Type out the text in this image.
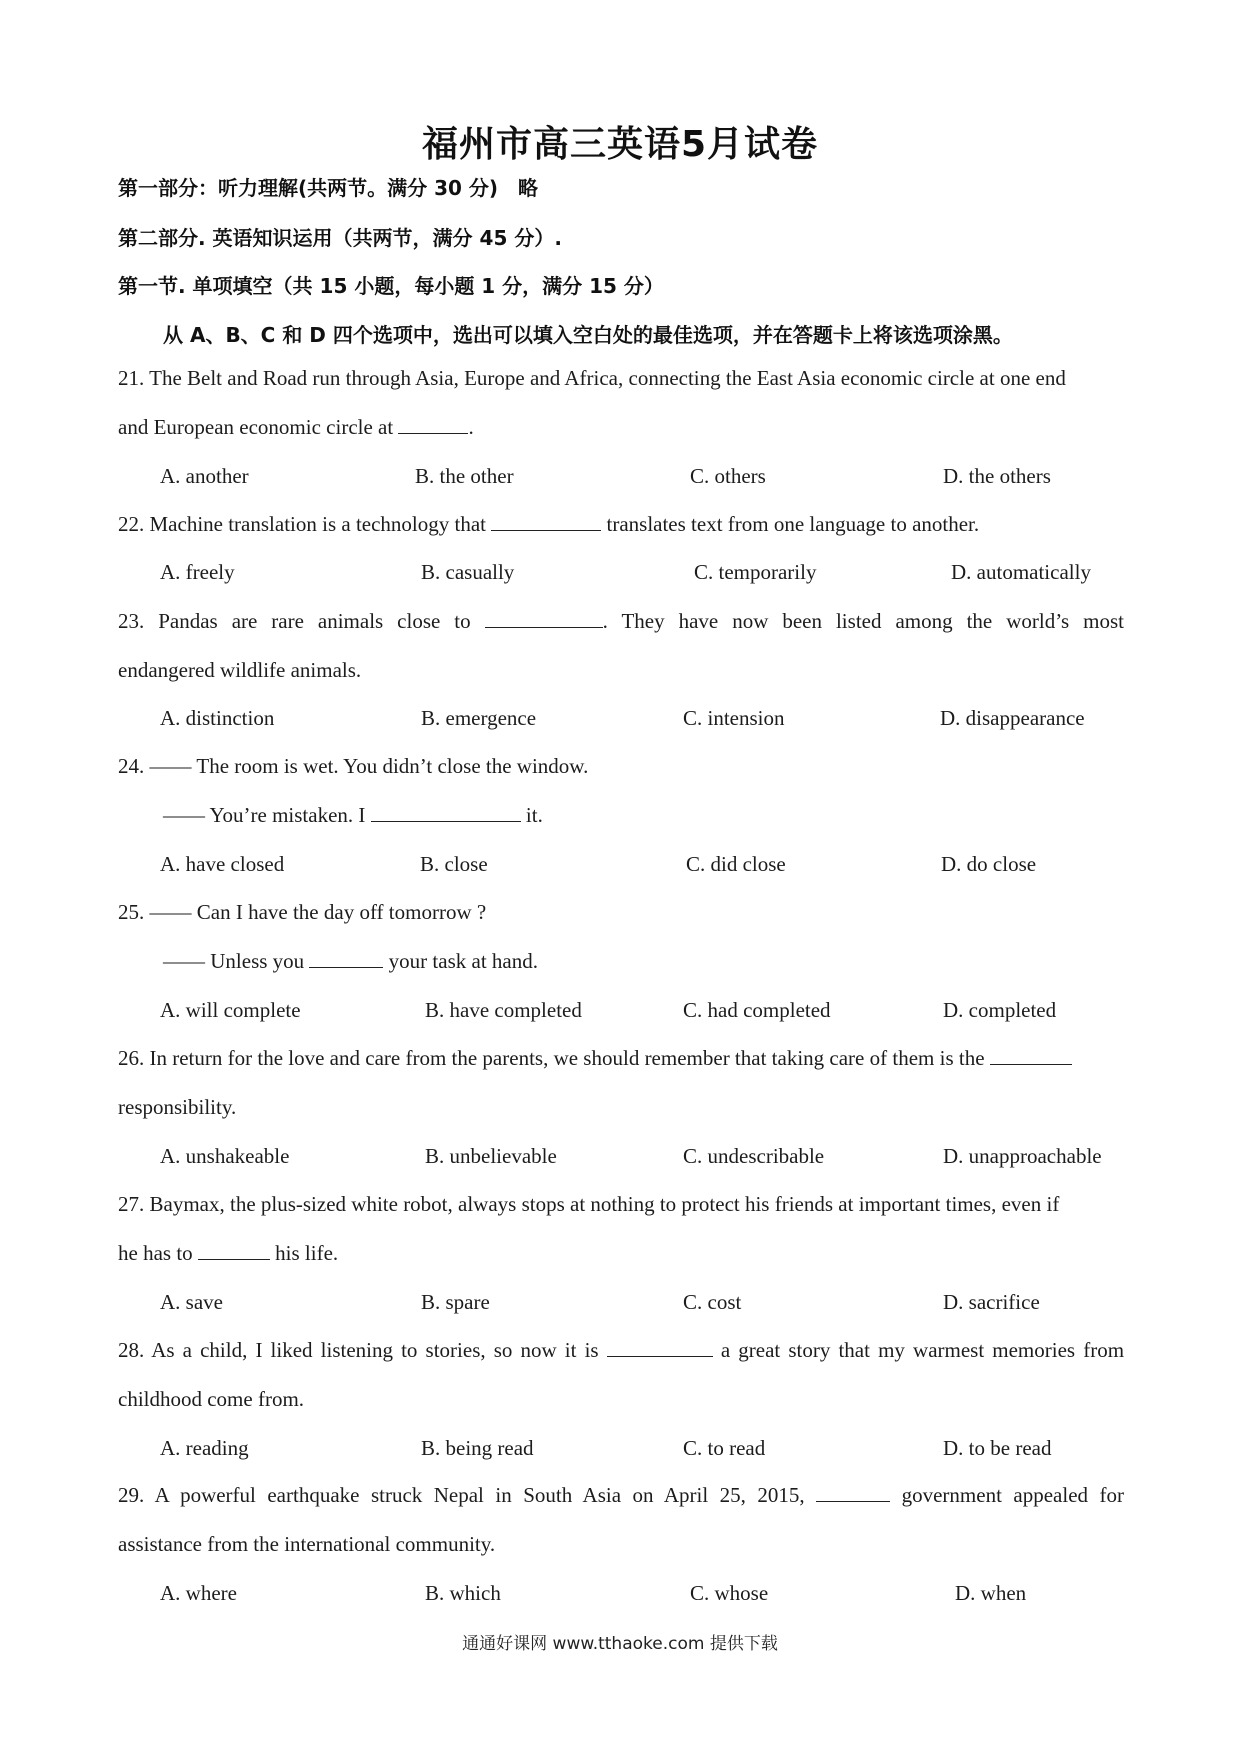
福州市高三英语5月试卷
第一部分：听力理解(共两节。满分 30 分)　略
第二部分. 英语知识运用（共两节，满分 45 分）.
第一节. 单项填空（共 15 小题，每小题 1 分，满分 15 分）
从 A、B、C 和 D 四个选项中，选出可以填入空白处的最佳选项，并在答题卡上将该选项涂黑。
21. The Belt and Road run through Asia, Europe and Africa, connecting the East Asia economic circle at one end
and European economic circle at	.
A. another	B. the other	C. others	D. the others
22. Machine translation is a technology that	translates text from one language to another.
A. freely	B. casually	C. temporarily	D. automatically
23. Pandas are rare animals close to	. They have now been listed among the world’s most
endangered wildlife animals.
A. distinction	B. emergence	C. intension	D. disappearance
24. —— The room is wet. You didn’t close the window.
—— You’re mistaken. I	it.
A. have closed	B. close	C. did close	D. do close
25. —— Can I have the day off tomorrow ?
—— Unless you	your task at hand.
A. will complete	B. have completed	C. had completed	D. completed
26. In return for the love and care from the parents, we should remember that taking care of them is the
responsibility.
A. unshakeable	B. unbelievable	C. undescribable	D. unapproachable
27. Baymax, the plus-sized white robot, always stops at nothing to protect his friends at important times, even if
he has to	his life.
A. save	B. spare	C. cost	D. sacrifice
28. As a child, I liked listening to stories, so now it is	a great story that my warmest memories from
childhood come from.
A. reading	B. being read	C. to read	D. to be read
29. A powerful earthquake struck Nepal in South Asia on April 25, 2015,	government appealed for
assistance from the international community.
A. where	B. which	C. whose	D. when
通通好课网 www.tthaoke.com 提供下载
